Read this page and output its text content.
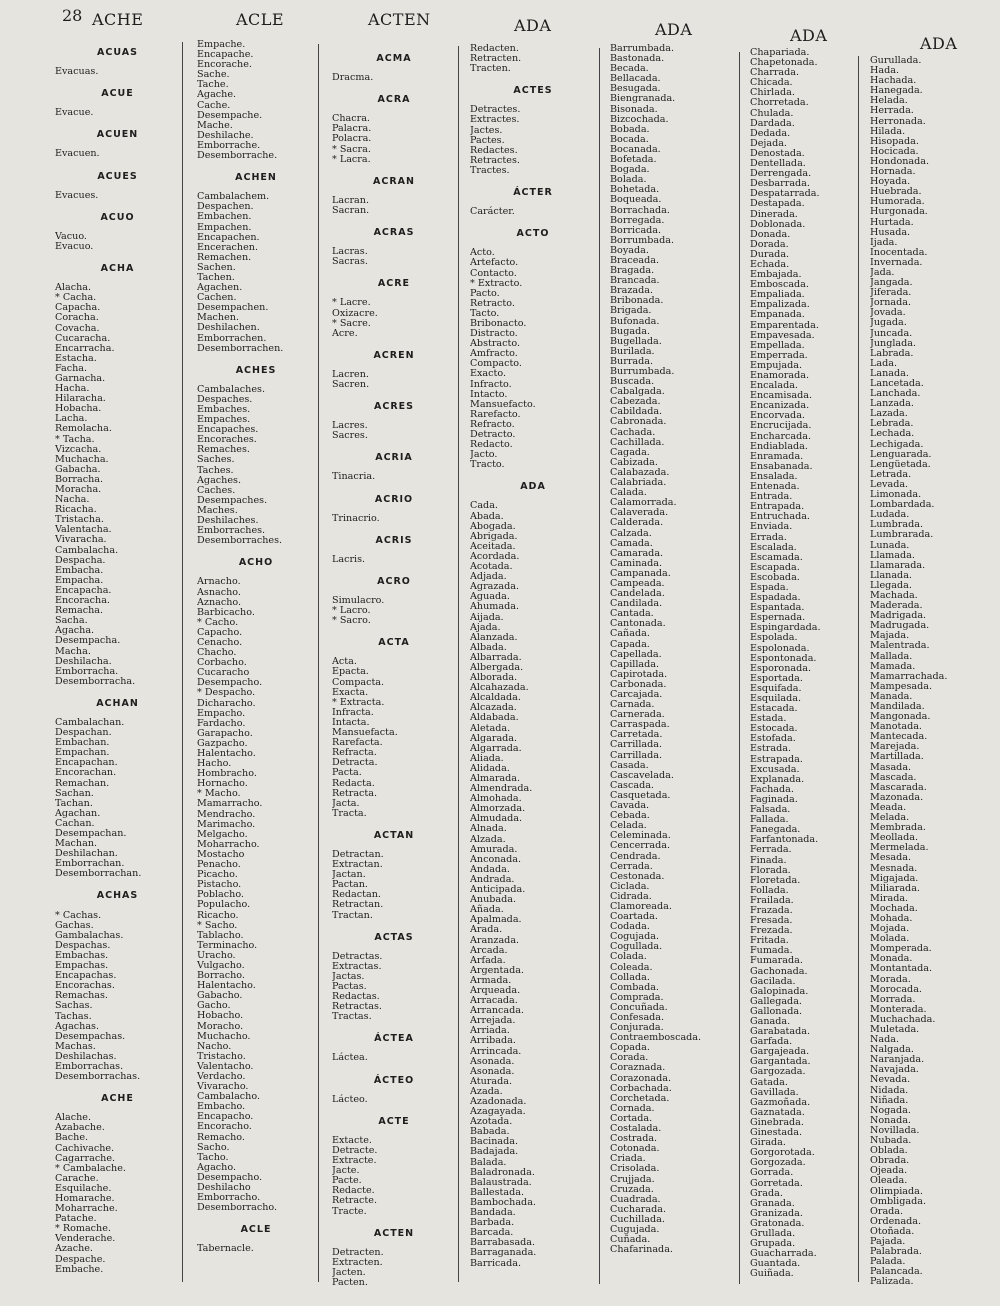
28 ACHE	ACLE	ACTEN	ADA	ADA	ADA	ADA
ACUAS
Evacuas.
ACUE
Evacue.
ACUEN
Evacuen.
ACUES
Evacues.
ACUO
Vacuo.
Evacuo.
ACHA
Alacha.
* Cacha.
Capacha.
Coracha.
Covacha.
Cucaracha.
Encarracha.
Estacha.
Facha.
Garnacha.
Hacha.
Hilaracha.
Hobacha.
Lacha.
Remolacha.
* Tacha.
Vizcacha.
Muchacha.
Gabacha.
Borracha.
Moracha.
Nacha.
Ricacha.
Tristacha.
Valentacha.
Vivaracha.
Cambalacha.
Despacha.
Embacha.
Empacha.
Encapacha.
Encoracha.
Remacha.
Sacha.
Agacha.
Desempacha.
Macha.
Deshilacha.
Emborracha.
Desemborracha.
ACHAN
Cambalachan.
Despachan.
Embachan.
Empachan.
Encapachan.
Encorachan.
Remachan.
Sachan.
Tachan.
Agachan.
Cachan.
Desempachan.
Machan.
Deshilachan.
Emborrachan.
Desemborrachan.
ACHAS
* Cachas.
Gachas.
Gambalachas.
Despachas.
Embachas.
Empachas.
Encapachas.
Encorachas.
Remachas.
Sachas.
Tachas.
Agachas.
Desempachas.
Machas.
Deshilachas.
Emborrachas.
Desemborrachas.
ACHE
Alache.
Azabache.
Bache.
Cachivache.
Cagarrache.
* Cambalache.
Carache.
Esquilache.
Homarache.
Moharrache.
Patache.
* Romache.
Venderache.
Azache.
Despache.
Embache.
Empache.
Encapache.
Encorache.
Sache.
Tache.
Agache.
Cache.
Desempache.
Mache.
Deshilache.
Emborrache.
Desemborrache.
ACHEN
Cambalachem.
Despachen.
Embachen.
Empachen.
Encapachen.
Encerachen.
Remachen.
Sachen.
Tachen.
Agachen.
Cachen.
Desempachen.
Machen.
Deshilachen.
Emborrachen.
Desemborrachen.
ACHES
Cambalaches.
Despaches.
Embaches.
Empaches.
Encapaches.
Encoraches.
Remaches.
Saches.
Taches.
Agaches.
Caches.
Desempaches.
Maches.
Deshilaches.
Emborraches.
Desemborraches.
ACHO
Arnacho.
Asnacho.
Aznacho.
Barbicacho.
* Cacho.
Capacho.
Cenacho.
Chacho.
Corbacho.
Cucaracho
Desempacho.
* Despacho.
Dicharacho.
Empacho.
Fardacho.
Garapacho.
Gazpacho.
Halentacho.
Hacho.
Hombracho.
Hornacho.
* Macho.
Mamarracho.
Mendracho.
Marimacho.
Melgacho.
Moharracho.
Mostacho
Penacho.
Picacho.
Pistacho.
Poblacho.
Populacho.
Ricacho.
* Sacho.
Tablacho.
Terminacho.
Uracho.
Vulgacho.
Borracho.
Halentacho.
Gabacho.
Gacho.
Hobacho.
Moracho.
Muchacho.
Nacho.
Tristacho.
Valentacho.
Verdacho.
Vivaracho.
Cambalacho.
Embacho.
Encapacho.
Encoracho.
Remacho.
Sacho.
Tacho.
Agacho.
Desempacho.
Deshilacho
Emborracho.
Desemborracho.
ACLE
Tabernacle.
ACMA
Dracma.
ACRA
Chacra.
Palacra.
Polacra.
* Sacra.
* Lacra.
ACRAN
Lacran.
Sacran.
ACRAS
Lacras.
Sacras.
ACRE
* Lacre.
Oxizacre.
* Sacre.
Acre.
ACREN
Lacren.
Sacren.
ACRES
Lacres.
Sacres.
ACRIA
Tinacria.
ACRIO
Trinacrio.
ACRIS
Lacris.
ACRO
Simulacro.
* Lacro.
* Sacro.
ACTA
Acta.
Epacta.
Compacta.
Exacta.
* Extracta.
Infracta.
Intacta.
Mansuefacta.
Rarefacta.
Refracta.
Detracta.
Pacta.
Redacta.
Retracta.
Jacta.
Tracta.
ACTAN
Detractan.
Extractan.
Jactan.
Pactan.
Redactan.
Retractan.
Tractan.
ACTAS
Detractas.
Extractas.
Jactas.
Pactas.
Redactas.
Retractas.
Tractas.
ÁCTEA
Láctea.
ÁCTEO
Lácteo.
ACTE
Extacte.
Detracte.
Extracte.
Jacte.
Pacte.
Redacte.
Retracte.
Tracte.
ACTEN
Detracten.
Extracten.
Jacten.
Pacten.
Redacten.
Retracten.
Tracten.
ACTES
Detractes.
Extractes.
Jactes.
Pactes.
Redactes.
Retractes.
Tractes.
ÁCTER
Carácter.
ACTO
Acto.
Artefacto.
Contacto.
* Extracto.
Pacto.
Retracto.
Tacto.
Bribonacto.
Distracto.
Abstracto.
Amfracto.
Compacto.
Exacto.
Infracto.
Intacto.
Mansuefacto.
Rarefacto.
Refracto.
Detracto.
Redacto.
Jacto.
Tracto.
ADA
Cada.
Abada.
Abogada.
Abrigada.
Aceitada.
Acordada.
Acotada.
Adjada.
Agrazada.
Aguada.
Ahumada.
Aijada.
Ajada.
Alanzada.
Albada.
Albarrada.
Albergada.
Alborada.
Alcahazada.
Alcaldada.
Alcazada.
Aldabada.
Aletada.
Algarada.
Algarrada.
Aliada.
Alidada.
Almarada.
Almendrada.
Almohada.
Almorzada.
Almudada.
Alnada.
Alzada.
Amurada.
Anconada.
Andada.
Andrada.
Anticipada.
Anubada.
Añada.
Apalmada.
Arada.
Aranzada.
Arcada.
Arfada.
Argentada.
Armada.
Arqueada.
Arracada.
Arrancada.
Arrejada.
Arriada.
Arribada.
Arrincada.
Asonada.
Asonada.
Aturada.
Azada.
Azadonada.
Azagayada.
Azotada.
Babada.
Bacinada.
Badajada.
Balada.
Baladronada.
Balaustrada.
Ballestada.
Bambochada.
Bandada.
Barbada.
Barcada.
Barrabasada.
Barraganada.
Barricada.
Barrumbada.
Bastonada.
Becada.
Bellacada.
Besugada.
Biengranada.
Bisonada.
Bizcochada.
Bobada.
Bocada.
Bocanada.
Bofetada.
Bogada.
Bolada.
Bohetada.
Boqueada.
Borrachada.
Borregada.
Borricada.
Borrumbada.
Boyada.
Braceada.
Bragada.
Brancada.
Brazada.
Bribonada.
Brigada.
Bufonada.
Bugada.
Bugellada.
Burilada.
Burrada.
Burrumbada.
Buscada.
Cabalgada.
Cabezada.
Cabildada.
Cabronada.
Cachada.
Cachillada.
Cagada.
Cabizada.
Calabazada.
Calabriada.
Calada.
Calamorrada.
Calaverada.
Calderada.
Calzada.
Camada.
Camarada.
Caminada.
Campanada.
Campeada.
Candelada.
Candilada.
Cantada.
Cantonada.
Cañada.
Capada.
Capellada.
Capillada.
Capirotada.
Carbonada.
Carcajada.
Carnada.
Carnerada.
Carraspada.
Carretada.
Carrillada.
Carrillada.
Casada.
Cascavelada.
Cascada.
Casquetada.
Cavada.
Cebada.
Celada.
Celeminada.
Cencerrada.
Cendrada.
Cerrada.
Cestonada.
Ciclada.
Cidrada.
Clamoreada.
Coartada.
Codada.
Cogujada.
Cogullada.
Colada.
Coleada.
Collada.
Combada.
Comprada.
Concuñada.
Confesada.
Conjurada.
Contraemboscada.
Copada.
Corada.
Coraznada.
Corazonada.
Corbachada.
Corchetada.
Cornada.
Cortada.
Costalada.
Costrada.
Cotonada.
Criada.
Crisolada.
Crujjada.
Cruzada.
Cuadrada.
Cucharada.
Cuchillada.
Cugujada.
Cuñada.
Chafarinada.
Chapariada.
Chapetonada.
Charrada.
Chicada.
Chirlada.
Chorretada.
Chulada.
Dardada.
Dedada.
Dejada.
Denostada.
Dentellada.
Derrengada.
Desbarrada.
Despatarrada.
Destapada.
Dinerada.
Doblonada.
Donada.
Dorada.
Durada.
Echada.
Embajada.
Emboscada.
Empaliada.
Empalizada.
Empanada.
Emparentada.
Empavesada.
Empellada.
Emperrada.
Empujada.
Enamorada.
Encalada.
Encamisada.
Encanizada.
Encorvada.
Encrucijada.
Encharcada.
Endiablada.
Enramada.
Ensabanada.
Ensalada.
Entenada.
Entrada.
Entrapada.
Entruchada.
Enviada.
Errada.
Escalada.
Escamada.
Escapada.
Escobada.
Espada.
Espadada.
Espantada.
Espernada.
Espingardada.
Espolada.
Espolonada.
Espontonada.
Esporonada.
Esportada.
Esquifada.
Esquilada.
Estacada.
Estada.
Estocada.
Estofada.
Estrada.
Estrapada.
Excusada.
Explanada.
Fachada.
Faginada.
Falsada.
Fallada.
Fanegada.
Farfantonada.
Ferrada.
Finada.
Florada.
Floretada.
Follada.
Frailada.
Frazada.
Fresada.
Frezada.
Fritada.
Fumada.
Fumarada.
Gachonada.
Gacilada.
Galopinada.
Gallegada.
Gallonada.
Ganada.
Garabatada.
Garfada.
Gargajeada.
Gargantada.
Gargozada.
Gatada.
Gavillada.
Gazmoñada.
Gaznatada.
Ginebrada.
Ginestada.
Girada.
Gorgorotada.
Gorgozada.
Gorrada.
Gorretada.
Grada.
Granada.
Granizada.
Gratonada.
Grullada.
Grupada.
Guacharrada.
Guantada.
Guiñada.
Gurullada.
Hada.
Hachada.
Hanegada.
Helada.
Herrada.
Herronada.
Hilada.
Hisopada.
Hocicada.
Hondonada.
Hornada.
Hoyada.
Huebrada.
Humorada.
Hurgonada.
Hurtada.
Husada.
Ijada.
Inocentada.
Invernada.
Jada.
Jangada.
Jiferada.
Jornada.
Jovada.
Jugada.
Juncada.
Junglada.
Labrada.
Lada.
Lanada.
Lancetada.
Lanchada.
Lanzada.
Lazada.
Lebrada.
Lechada.
Lechigada.
Lenguarada.
Lengüetada.
Letrada.
Levada.
Limonada.
Lombardada.
Ludada.
Lumbrada.
Lumbrarada.
Lunada.
Llamada.
Llamarada.
Llanada.
Llegada.
Machada.
Maderada.
Madrigada.
Madrugada.
Majada.
Malentrada.
Mallada.
Mamada.
Mamarrachada.
Mampesada.
Manada.
Mandilada.
Mangonada.
Manotada.
Mantecada.
Marejada.
Martillada.
Masada.
Mascada.
Mascarada.
Mazonada.
Meada.
Melada.
Membrada.
Meollada.
Mermelada.
Mesada.
Mesnada.
Migajada.
Miliarada.
Mirada.
Mochada.
Mohada.
Mojada.
Molada.
Momperada.
Monada.
Montantada.
Morada.
Morocada.
Morrada.
Monterada.
Muchachada.
Muletada.
Nada.
Nalgada.
Naranjada.
Navajada.
Nevada.
Nidada.
Niñada.
Nogada.
Nonada.
Novillada.
Nubada.
Oblada.
Obrada.
Ojeada.
Oleada.
Olimpiada.
Ombligada.
Orada.
Ordenada.
Otoñada.
Pajada.
Palabrada.
Palada.
Palancada.
Palizada.
